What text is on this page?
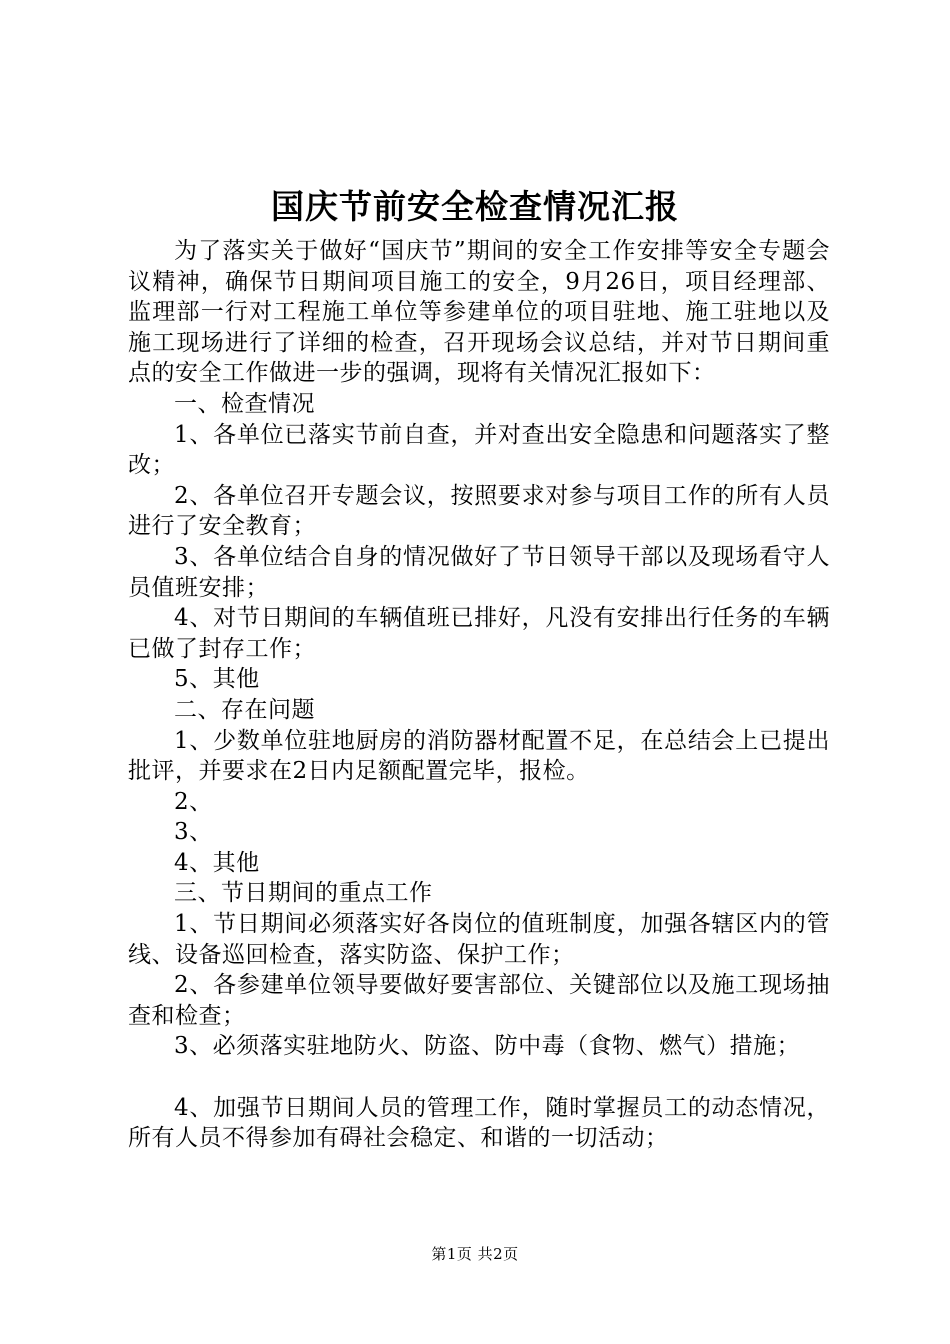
国庆节前安全检查情况汇报

为了落实关于做好“国庆节”期间的安全工作安排等安全专题会议精神，确保节日期间项目施工的安全，9月26日，项目经理部、监理部一行对工程施工单位等参建单位的项目驻地、施工驻地以及施工现场进行了详细的检查，召开现场会议总结，并对节日期间重点的安全工作做进一步的强调，现将有关情况汇报如下：

一、检查情况

1、各单位已落实节前自查，并对查出安全隐患和问题落实了整改；

2、各单位召开专题会议，按照要求对参与项目工作的所有人员进行了安全教育；

3、各单位结合自身的情况做好了节日领导干部以及现场看守人员值班安排；

4、对节日期间的车辆值班已排好，凡没有安排出行任务的车辆已做了封存工作；

5、其他

二、存在问题

1、少数单位驻地厨房的消防器材配置不足，在总结会上已提出批评，并要求在2日内足额配置完毕，报检。

2、

3、

4、其他

三、节日期间的重点工作

1、节日期间必须落实好各岗位的值班制度，加强各辖区内的管线、设备巡回检查，落实防盗、保护工作；

2、各参建单位领导要做好要害部位、关键部位以及施工现场抽查和检查；

3、必须落实驻地防火、防盗、防中毒（食物、燃气）措施；

4、加强节日期间人员的管理工作，随时掌握员工的动态情况，所有人员不得参加有碍社会稳定、和谐的一切活动；

第1页 共2页
